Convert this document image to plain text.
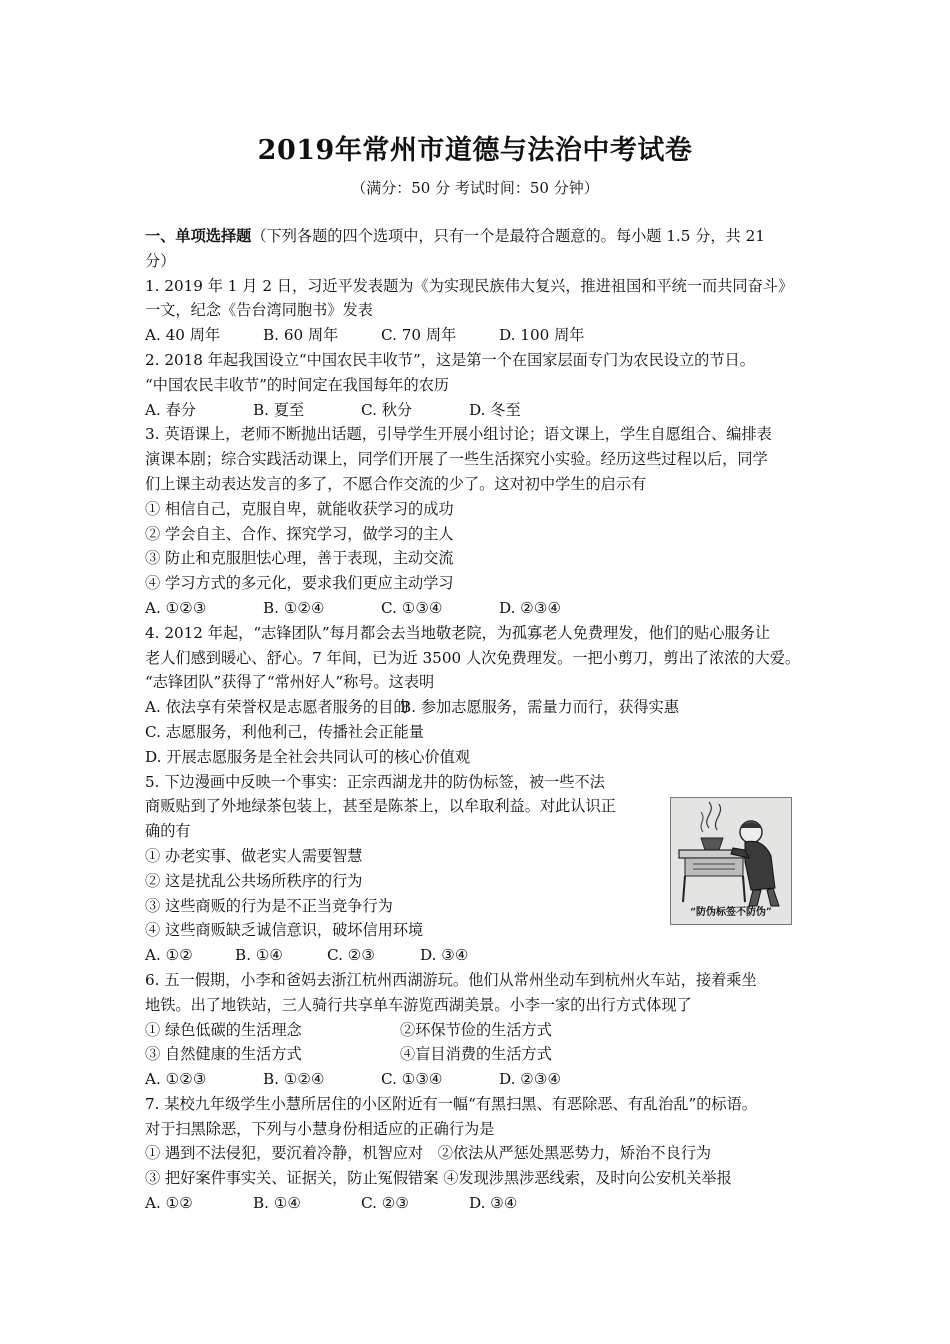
2019年常州市道德与法治中考试卷
（满分：50 分 考试时间：50 分钟）

一、单项选择题（下列各题的四个选项中，只有一个是最符合题意的。每小题 1.5 分，共 21

分）

1. 2019 年 1 月 2 日，习近平发表题为《为实现民族伟大复兴，推进祖国和平统一而共同奋斗》

一文，纪念《告台湾同胞书》发表

A. 40 周年	B. 60 周年	C. 70 周年	D. 100 周年

2. 2018 年起我国设立“中国农民丰收节”，这是第一个在国家层面专门为农民设立的节日。

“中国农民丰收节”的时间定在我国每年的农历

A. 春分	B. 夏至	C. 秋分	D. 冬至

3. 英语课上，老师不断抛出话题，引导学生开展小组讨论；语文课上，学生自愿组合、编排表

演课本剧；综合实践活动课上，同学们开展了一些生活探究小实验。经历这些过程以后，同学

们上课主动表达发言的多了，不愿合作交流的少了。这对初中学生的启示有

① 相信自己，克服自卑，就能收获学习的成功

② 学会自主、合作、探究学习，做学习的主人

③ 防止和克服胆怯心理，善于表现，主动交流

④ 学习方式的多元化，要求我们更应主动学习

A. ①②③	B. ①②④	C. ①③④	D. ②③④

4. 2012 年起，“志锋团队”每月都会去当地敬老院，为孤寡老人免费理发，他们的贴心服务让

老人们感到暖心、舒心。7 年间，已为近 3500 人次免费理发。一把小剪刀，剪出了浓浓的大爱。

“志锋团队”获得了“常州好人”称号。这表明

A. 依法享有荣誉权是志愿者服务的目的B. 参加志愿服务，需量力而行，获得实惠

C. 志愿服务，利他利己，传播社会正能量

D. 开展志愿服务是全社会共同认可的核心价值观

5. 下边漫画中反映一个事实：正宗西湖龙井的防伪标签，被一些不法

商贩贴到了外地绿茶包装上，甚至是陈茶上，以牟取利益。对此认识正

确的有

① 办老实事、做老实人需要智慧

② 这是扰乱公共场所秩序的行为

③ 这些商贩的行为是不正当竞争行为

④ 这些商贩缺乏诚信意识，破坏信用环境

A. ①②	B. ①④	C. ②③	D. ③④

6. 五一假期，小李和爸妈去浙江杭州西湖游玩。他们从常州坐动车到杭州火车站，接着乘坐

地铁。出了地铁站，三人骑行共享单车游览西湖美景。小李一家的出行方式体现了

① 绿色低碳的生活理念	②环保节俭的生活方式

③ 自然健康的生活方式	④盲目消费的生活方式

A. ①②③	B. ①②④	C. ①③④	D. ②③④

7. 某校九年级学生小慧所居住的小区附近有一幅“有黑扫黑、有恶除恶、有乱治乱”的标语。

对于扫黑除恶，下列与小慧身份相适应的正确行为是

① 遇到不法侵犯，要沉着冷静，机智应对 ②依法从严惩处黑恶势力，矫治不良行为

③ 把好案件事实关、证据关，防止冤假错案 ④发现涉黑涉恶线索，及时向公安机关举报

A. ①②	B. ①④	C. ②③	D. ③④

“防伪标签不防伪”
